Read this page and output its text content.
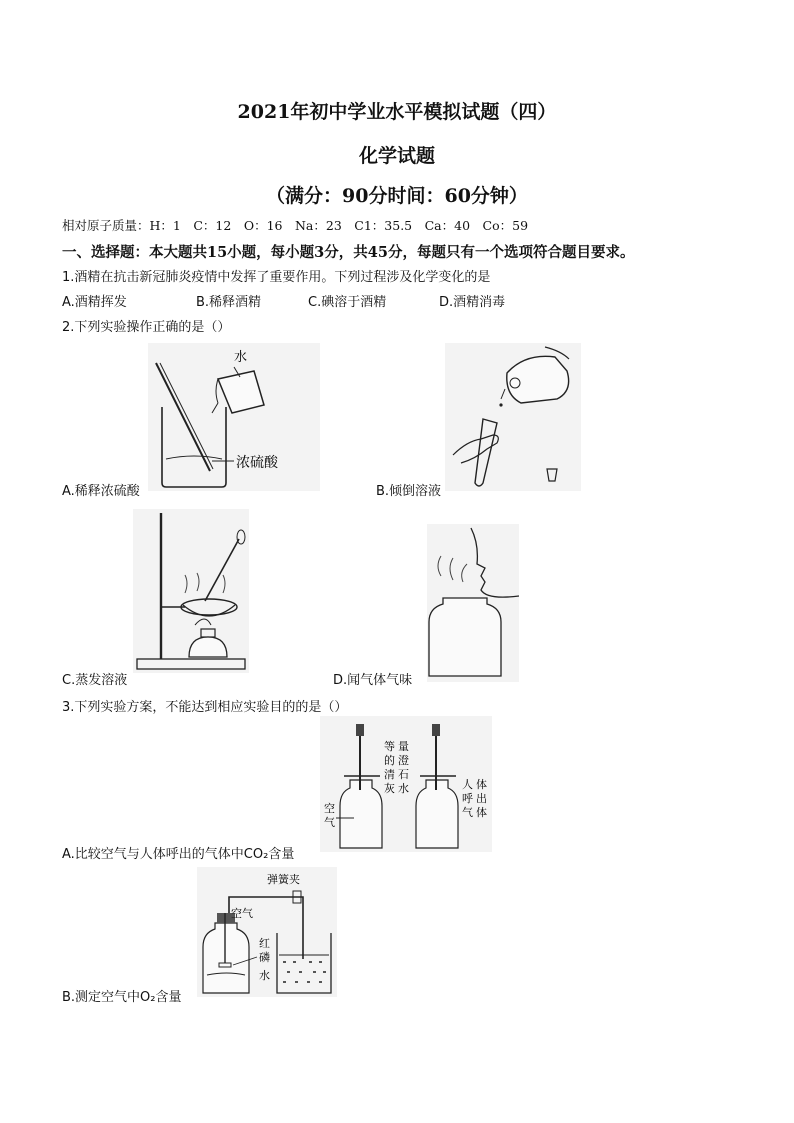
2021年初中学业水平模拟试题（四）
化学试题
（满分：90分时间：60分钟）
相对原子质量：H：1　C：12　O：16　Na：23　C1：35.5　Ca：40　Co：59
一、选择题：本大题共15小题，每小题3分，共45分，每题只有一个选项符合题目要求。
1.酒精在抗击新冠肺炎疫情中发挥了重要作用。下列过程涉及化学变化的是
A.酒精挥发	B.稀释酒精	C.碘溶于酒精	D.酒精消毒
2.下列实验操作正确的是（）
水
浓硫酸
A.稀释浓硫酸	B.倾倒溶液
C.蒸发溶液	D.闻气体气味
3.下列实验方案，不能达到相应实验目的的是（）
等 量
的 澄
清 石
灰 水
空
气
人 体
呼 出
气 体
A.比较空气与人体呼出的气体中CO₂含量
弹簧夹
空气
红
磷
水
B.测定空气中O₂含量
